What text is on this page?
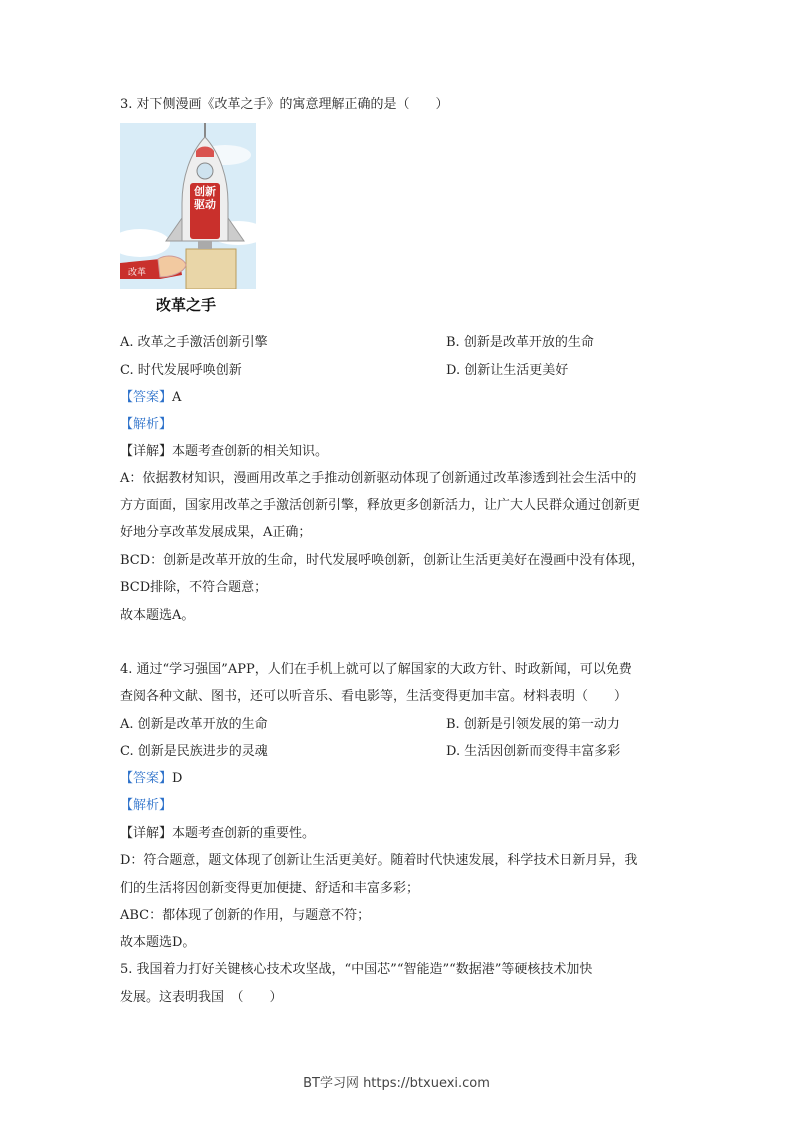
3. 对下侧漫画《改革之手》的寓意理解正确的是（　　）
改革
创新驱动
改革之手
A. 改革之手激活创新引擎	B. 创新是改革开放的生命
C. 时代发展呼唤创新	D. 创新让生活更美好
【答案】A
【解析】
【详解】本题考查创新的相关知识。
A：依据教材知识，漫画用改革之手推动创新驱动体现了创新通过改革渗透到社会生活中的
方方面面，国家用改革之手激活创新引擎，释放更多创新活力，让广大人民群众通过创新更
好地分享改革发展成果，A正确；
BCD：创新是改革开放的生命，时代发展呼唤创新，创新让生活更美好在漫画中没有体现，
BCD排除，不符合题意；
故本题选A。
4. 通过“学习强国”APP，人们在手机上就可以了解国家的大政方针、时政新闻，可以免费
查阅各种文献、图书，还可以听音乐、看电影等，生活变得更加丰富。材料表明（　　）
A. 创新是改革开放的生命	B. 创新是引领发展的第一动力
C. 创新是民族进步的灵魂	D. 生活因创新而变得丰富多彩
【答案】D
【解析】
【详解】本题考查创新的重要性。
D：符合题意，题文体现了创新让生活更美好。随着时代快速发展，科学技术日新月异，我
们的生活将因创新变得更加便捷、舒适和丰富多彩；
ABC：都体现了创新的作用，与题意不符；
故本题选D。
5. 我国着力打好关键核心技术攻坚战，“中国芯”“智能造”“数据港”等硬核技术加快
发展。这表明我国　（　　）
BT学习网 https://btxuexi.com
